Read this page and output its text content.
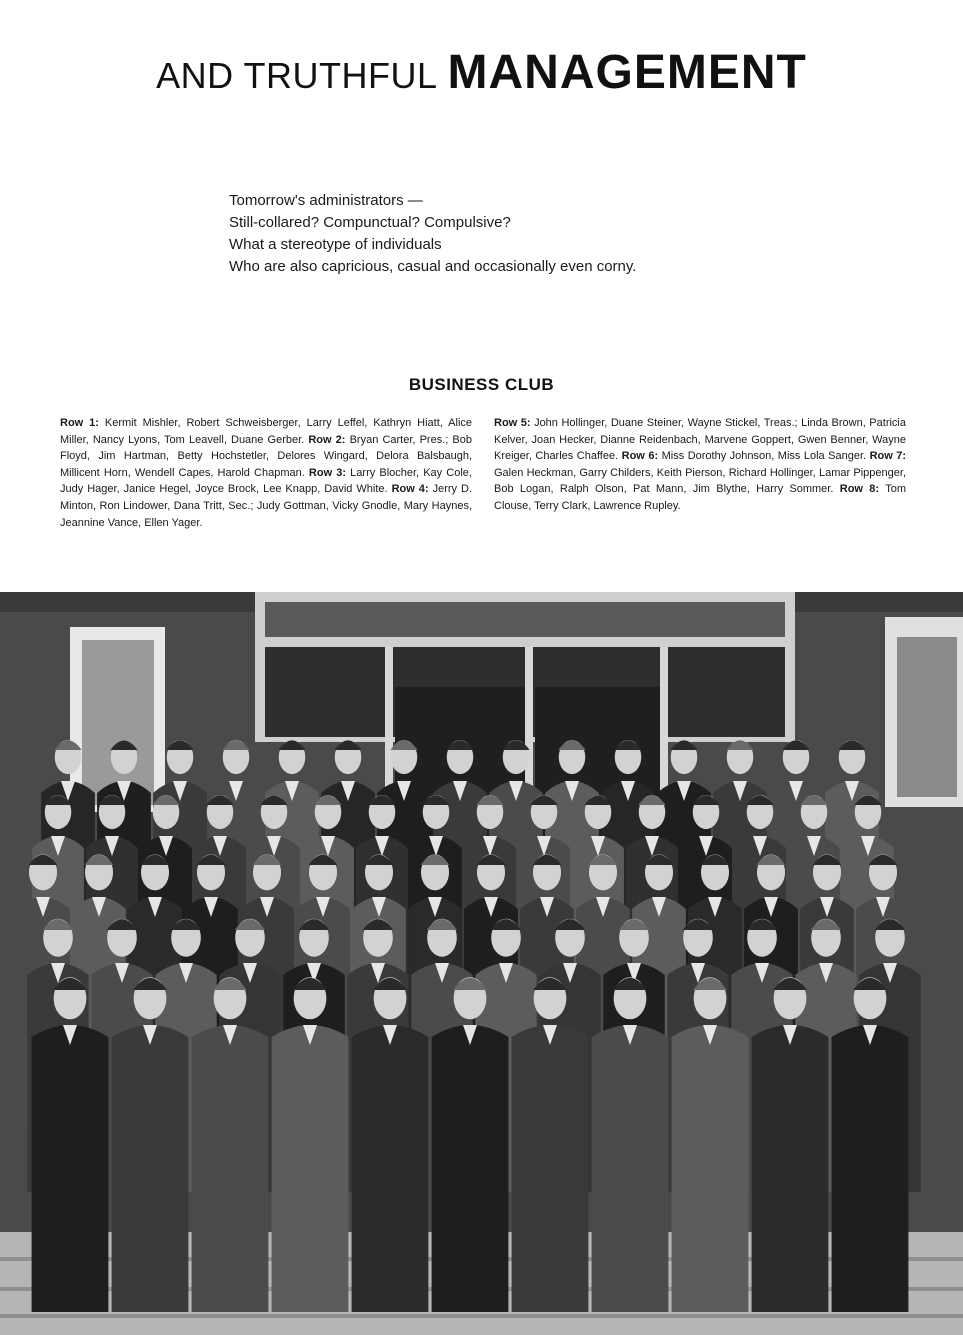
AND TRUTHFUL MANAGEMENT
Tomorrow's administrators —
Still-collared? Compunctual? Compulsive?
What a stereotype of individuals
Who are also capricious, casual and occasionally even corny.
BUSINESS CLUB
Row 1: Kermit Mishler, Robert Schweisberger, Larry Leffel, Kathryn Hiatt, Alice Miller, Nancy Lyons, Tom Leavell, Duane Gerber. Row 2: Bryan Carter, Pres.; Bob Floyd, Jim Hartman, Betty Hochstetler, Delores Wingard, Delora Balsbaugh, Millicent Horn, Wendell Capes, Harold Chapman. Row 3: Larry Blocher, Kay Cole, Judy Hager, Janice Hegel, Joyce Brock, Lee Knapp, David White. Row 4: Jerry D. Minton, Ron Lindower, Dana Tritt, Sec.; Judy Gottman, Vicky Gnodle, Mary Haynes, Jeannine Vance, Ellen Yager.
Row 5: John Hollinger, Duane Steiner, Wayne Stickel, Treas.; Linda Brown, Patricia Kelver, Joan Hecker, Dianne Reidenbach, Marvene Goppert, Gwen Benner, Wayne Kreiger, Charles Chaffee. Row 6: Miss Dorothy Johnson, Miss Lola Sanger. Row 7: Galen Heckman, Garry Childers, Keith Pierson, Richard Hollinger, Lamar Pippenger, Bob Logan, Ralph Olson, Pat Mann, Jim Blythe, Harry Sommer. Row 8: Tom Clouse, Terry Clark, Lawrence Rupley.
